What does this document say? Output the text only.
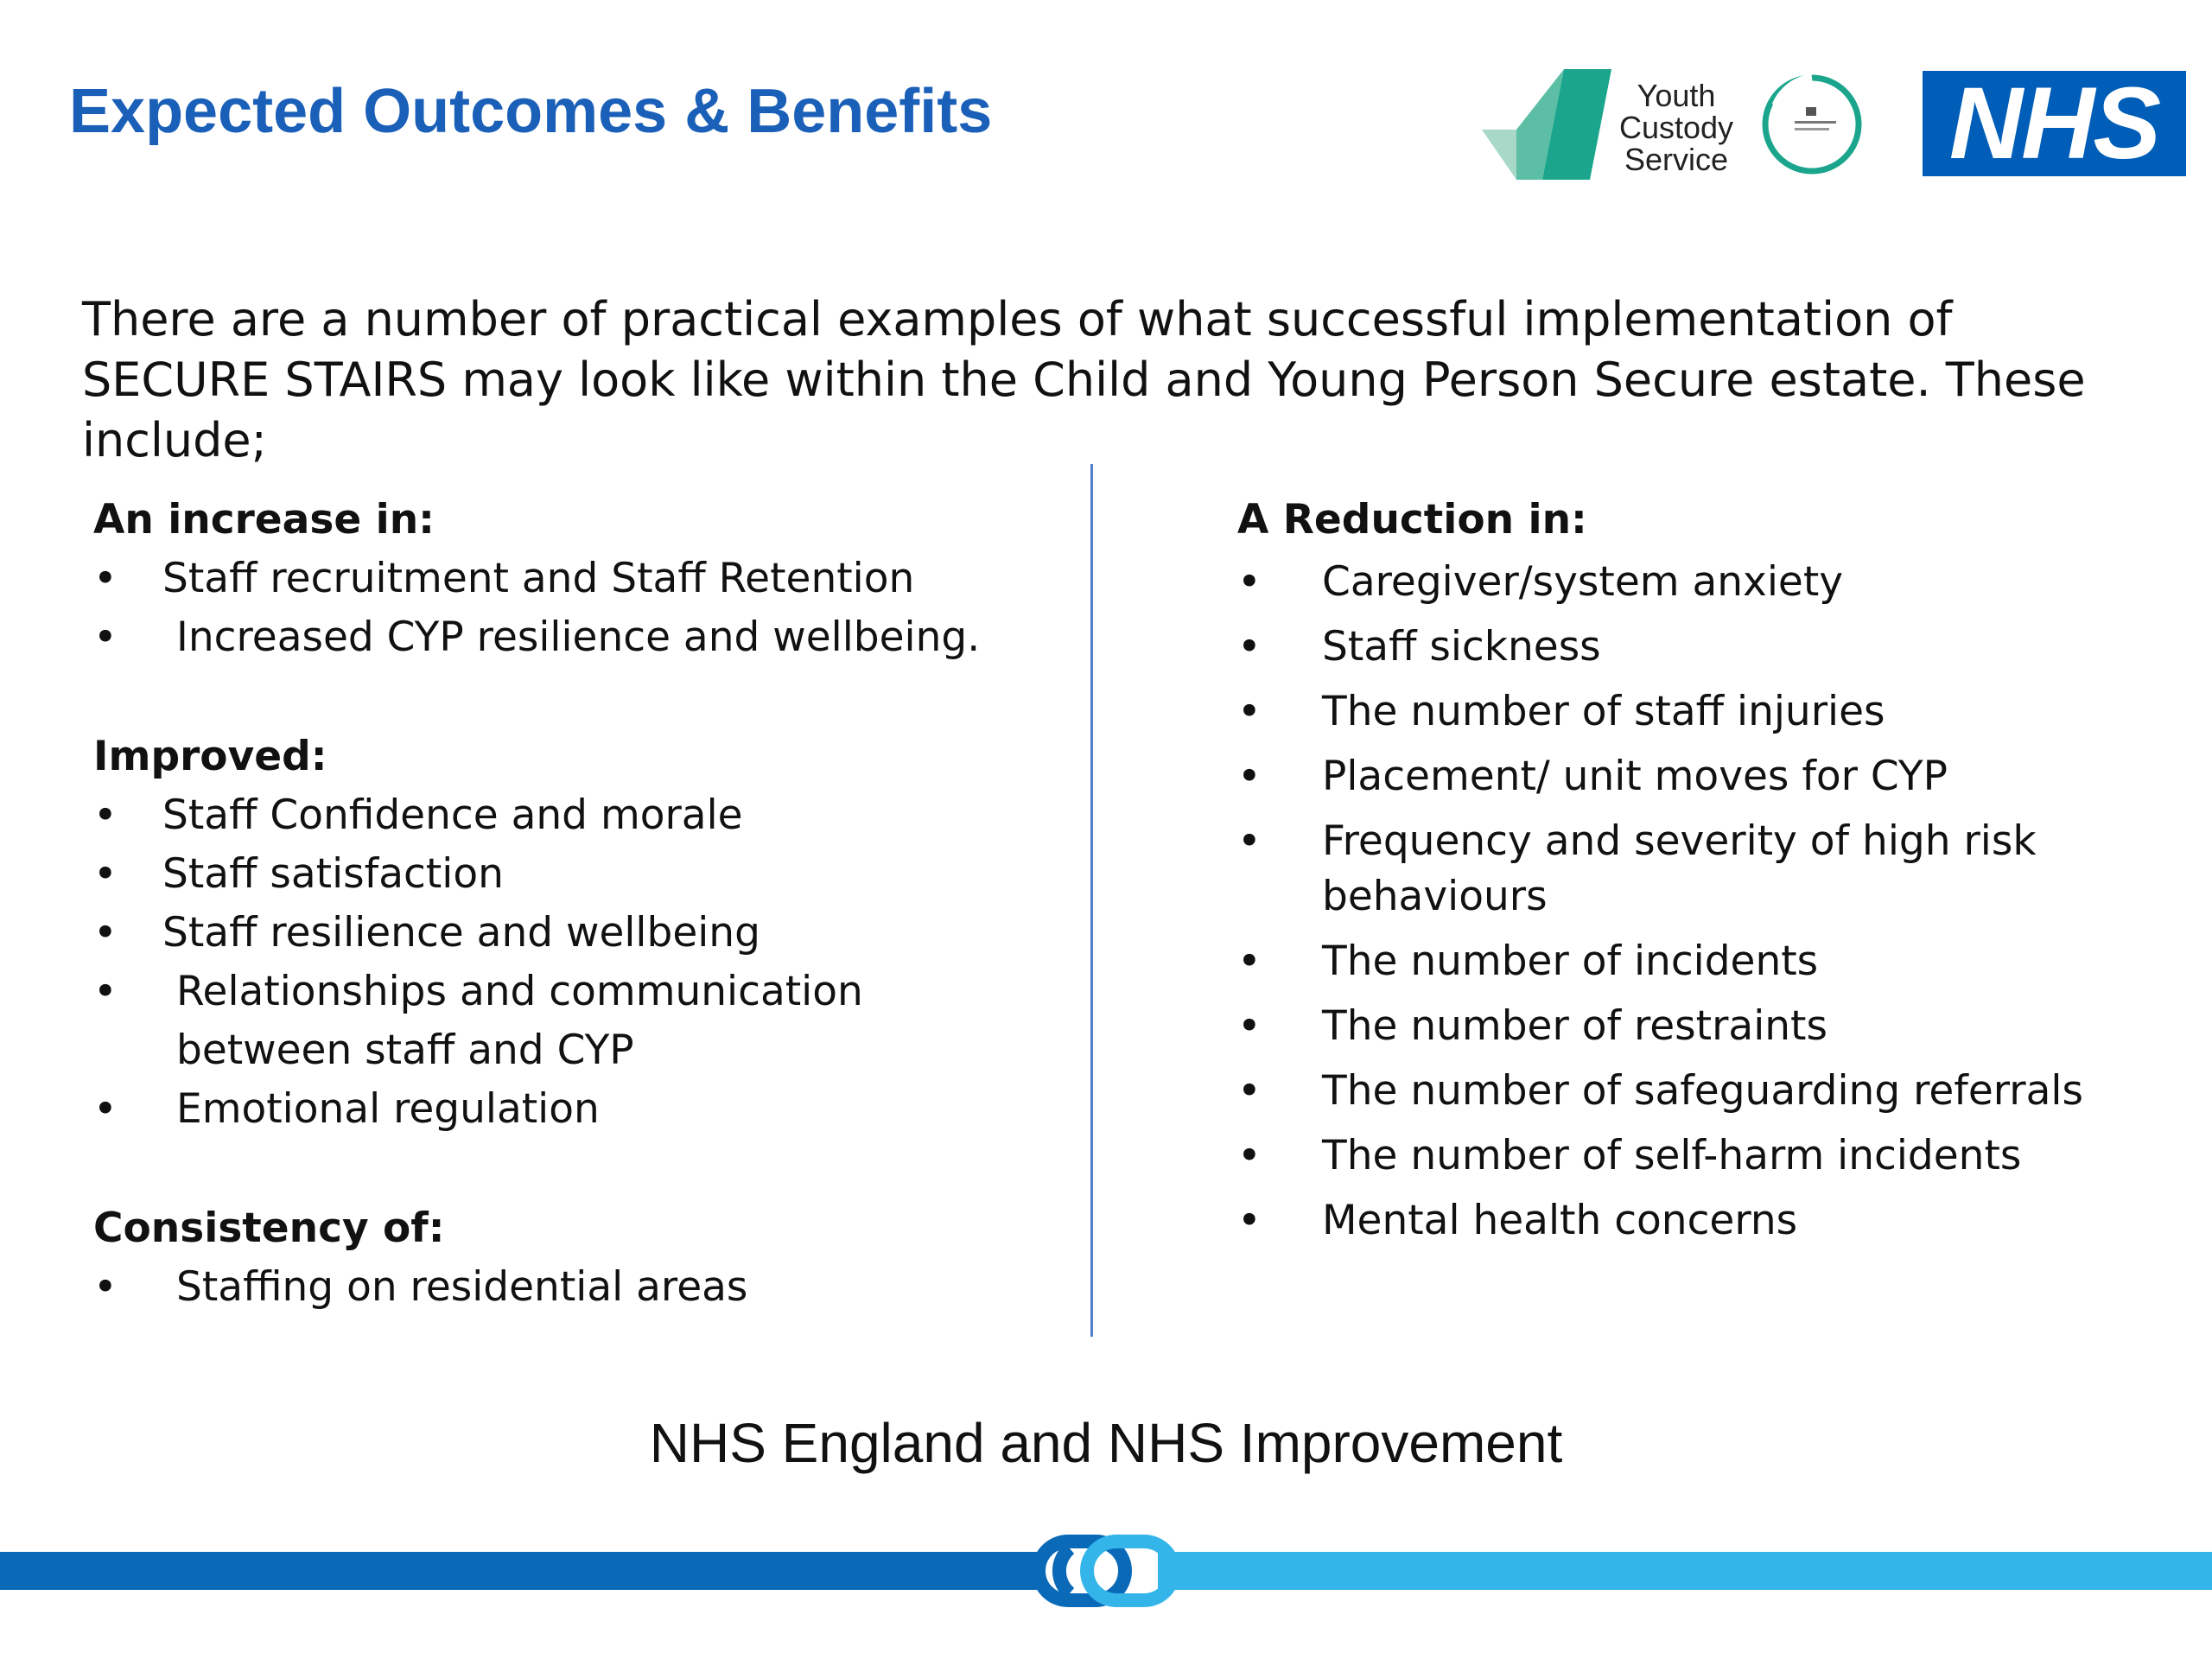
Expected Outcomes & Benefits	Youth
Custody
Service NHS

There are a number of practical examples of what successful implementation of SECURE STAIRS may look like within the Child and Young Person Secure estate. These include;

An increase in:

• Staff recruitment and Staff Retention
• Increased CYP resilience and wellbeing.

Improved:

• Staff Confidence and morale
• Staff satisfaction
• Staff resilience and wellbeing
• Relationships and communication between staff and CYP
• Emotional regulation

Consistency of:

• Staffing on residential areas

A Reduction in:

• Caregiver/system anxiety
• Staff sickness
• The number of staff injuries
• Placement/ unit moves for CYP
• Frequency and severity of high risk behaviours
• The number of incidents
• The number of restraints
• The number of safeguarding referrals
• The number of self-harm incidents
• Mental health concerns
NHS England and NHS Improvement
